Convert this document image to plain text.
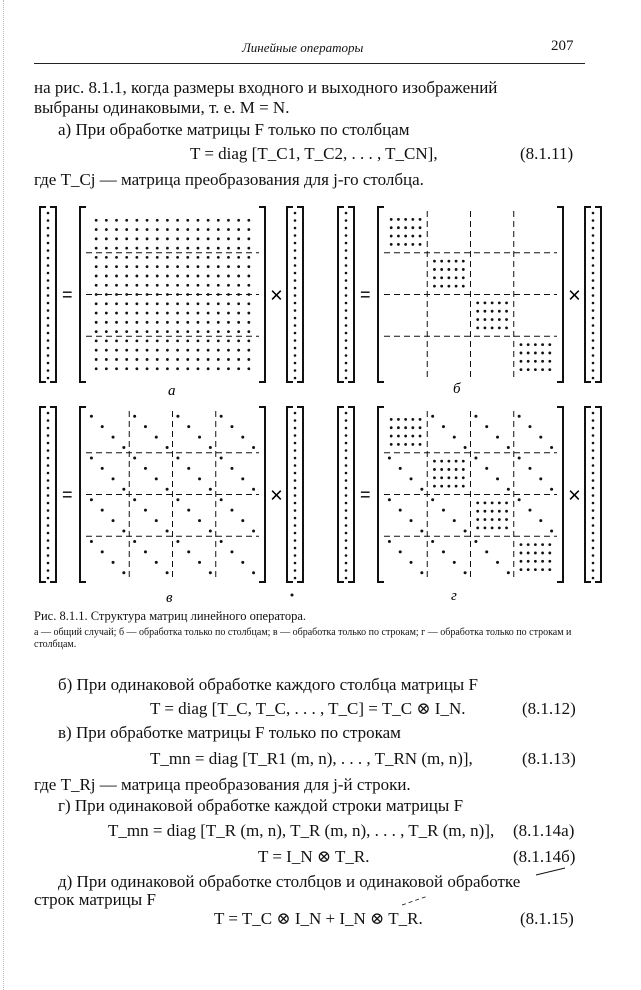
Линейные операторы	207
на рис. 8.1.1, когда размеры входного и выходного изображений
выбраны одинаковыми, т. е. M = N.
а) При обработке матрицы F только по столбцам
T = diag [T_C1, T_C2, . . . , T_CN],	(8.1.11)
где T_Cj — матрица преобразования для j-го столбца.
=	×	=	×
=	×	=	×
а	б
в	г
Рис. 8.1.1. Структура матриц линейного оператора.
а — общий случай; б — обработка только по столбцам; в — обработка только по строкам; г — обработка только по строкам и столбцам.
б) При одинаковой обработке каждого столбца матрицы F
T = diag [T_C, T_C, . . . , T_C] = T_C ⊗ I_N.	(8.1.12)
в) При обработке матрицы F только по строкам
T_mn = diag [T_R1 (m, n), . . . , T_RN (m, n)],	(8.1.13)
где T_Rj — матрица преобразования для j-й строки.
г) При одинаковой обработке каждой строки матрицы F
T_mn = diag [T_R (m, n), T_R (m, n), . . . , T_R (m, n)], (8.1.14а)
T = I_N ⊗ T_R.	(8.1.14б)
д) При одинаковой обработке столбцов и одинаковой обработке
строк матрицы F
T = T_C ⊗ I_N + I_N ⊗ T_R.	(8.1.15)
